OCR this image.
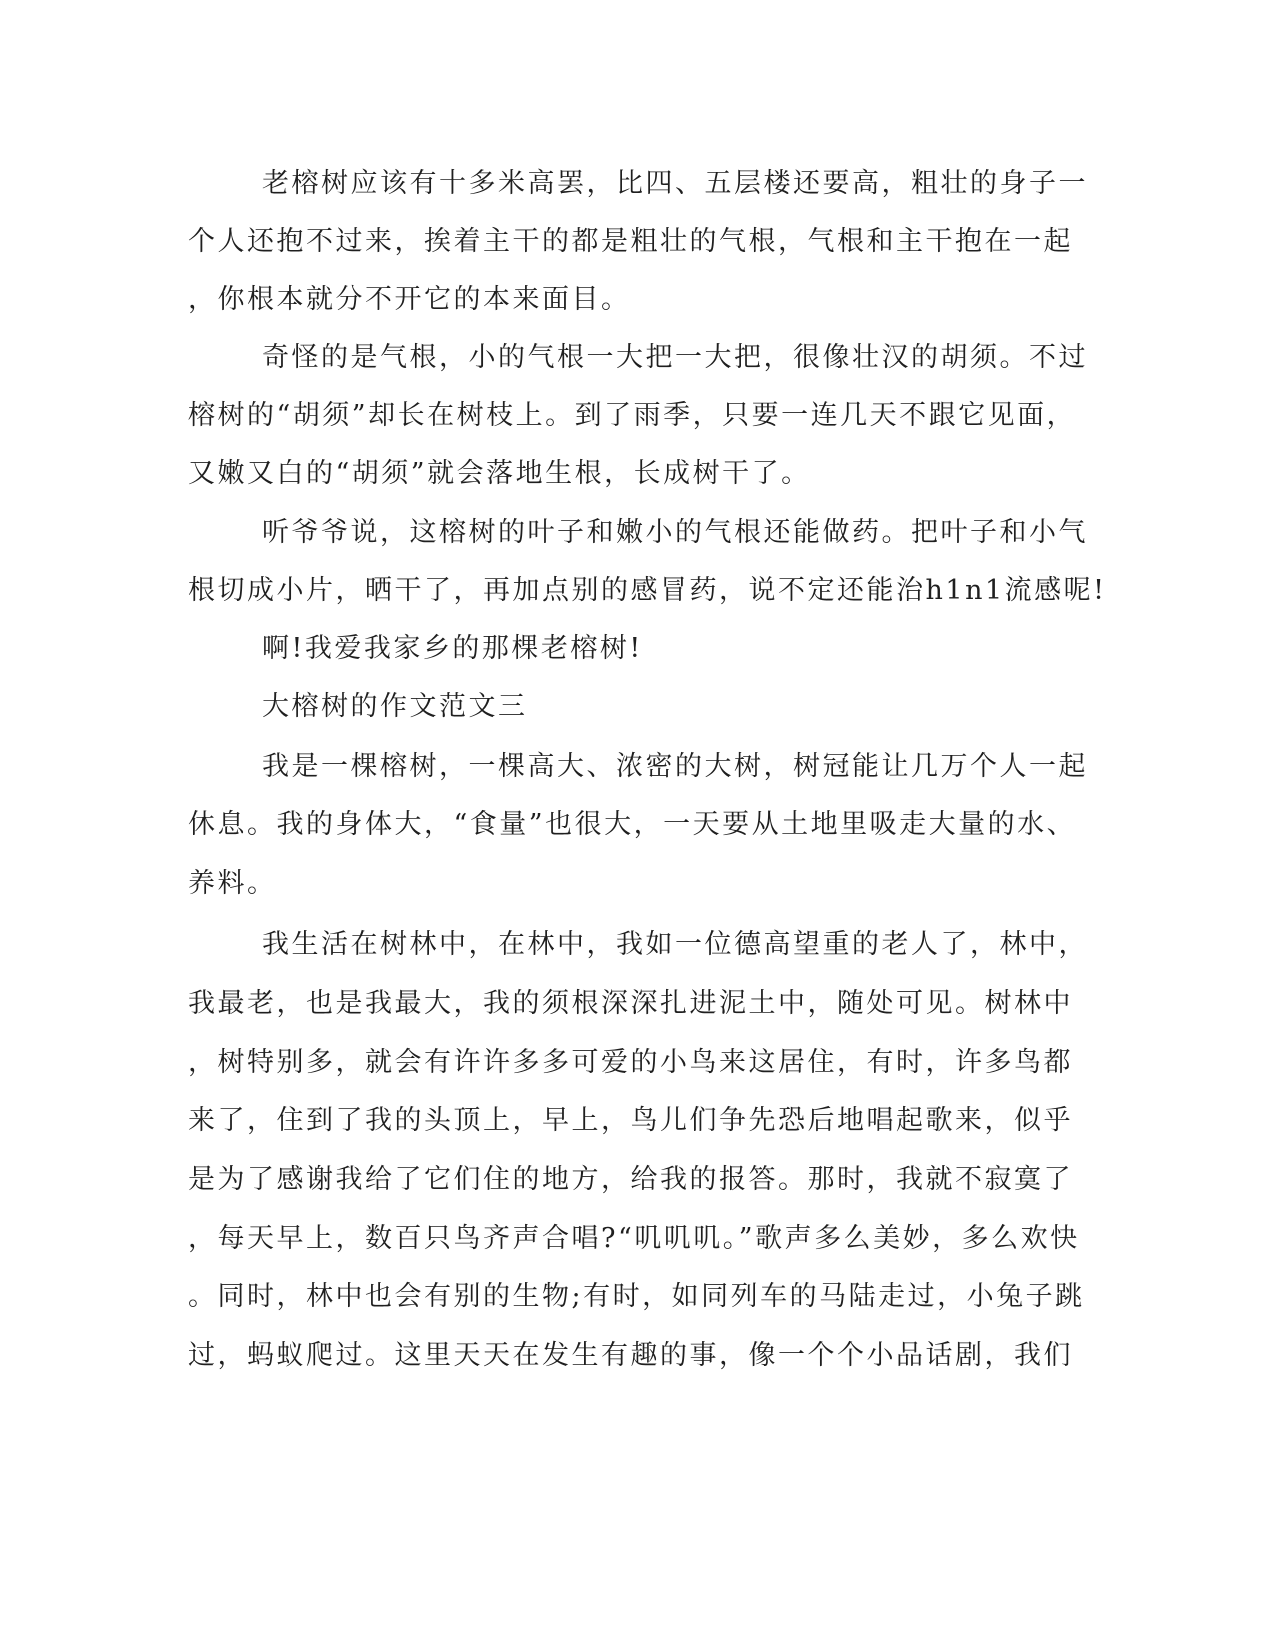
老榕树应该有十多米高罢，比四、五层楼还要高，粗壮的身子一
个人还抱不过来，挨着主干的都是粗壮的气根，气根和主干抱在一起
，你根本就分不开它的本来面目。
奇怪的是气根，小的气根一大把一大把，很像壮汉的胡须。不过
榕树的“胡须”却长在树枝上。到了雨季，只要一连几天不跟它见面，
又嫩又白的“胡须”就会落地生根，长成树干了。
听爷爷说，这榕树的叶子和嫩小的气根还能做药。把叶子和小气
根切成小片，晒干了，再加点别的感冒药，说不定还能治h1n1流感呢!
啊!我爱我家乡的那棵老榕树!
大榕树的作文范文三
我是一棵榕树，一棵高大、浓密的大树，树冠能让几万个人一起
休息。我的身体大，“食量”也很大，一天要从土地里吸走大量的水、
养料。
我生活在树林中，在林中，我如一位德高望重的老人了，林中，
我最老，也是我最大，我的须根深深扎进泥土中，随处可见。树林中
，树特别多，就会有许许多多可爱的小鸟来这居住，有时，许多鸟都
来了，住到了我的头顶上，早上，鸟儿们争先恐后地唱起歌来，似乎
是为了感谢我给了它们住的地方，给我的报答。那时，我就不寂寞了
，每天早上，数百只鸟齐声合唱?“叽叽叽。”歌声多么美妙，多么欢快
。同时，林中也会有别的生物;有时，如同列车的马陆走过，小兔子跳
过，蚂蚁爬过。这里天天在发生有趣的事，像一个个小品话剧，我们
